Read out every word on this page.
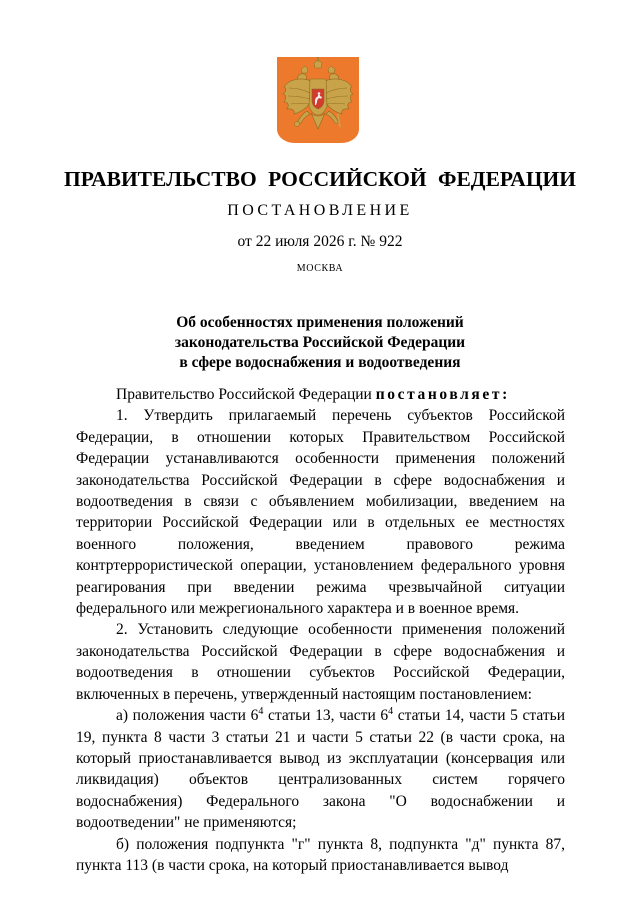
ПРАВИТЕЛЬСТВО РОССИЙСКОЙ ФЕДЕРАЦИИ
ПОСТАНОВЛЕНИЕ
от 22 июля 2026 г. № 922
МОСКВА
Об особенностях применения положений
законодательства Российской Федерации
в сфере водоснабжения и водоотведения

Правительство Российской Федерации постановляет:

1. Утвердить прилагаемый перечень субъектов Российской Федерации, в отношении которых Правительством Российской Федерации устанавливаются особенности применения положений законодательства Российской Федерации в сфере водоснабжения и водоотведения в связи с объявлением мобилизации, введением на территории Российской Федерации или в отдельных ее местностях военного положения, введением правового режима контртеррористической операции, установлением федерального уровня реагирования при введении режима чрезвычайной ситуации федерального или межрегионального характера и в военное время.

2. Установить следующие особенности применения положений законодательства Российской Федерации в сфере водоснабжения и водоотведения в отношении субъектов Российской Федерации, включенных в перечень, утвержденный настоящим постановлением:

а) положения части $6^4$ статьи 13, части $6^4$ статьи 14, части 5 статьи 19, пункта 8 части 3 статьи 21 и части 5 статьи 22 (в части срока, на который приостанавливается вывод из эксплуатации (консервация или ликвидация) объектов централизованных систем горячего водоснабжения) Федерального закона "О водоснабжении и водоотведении" не применяются;

б) положения подпункта "г" пункта 8, подпункта "д" пункта 87, пункта 113 (в части срока, на который приостанавливается вывод
